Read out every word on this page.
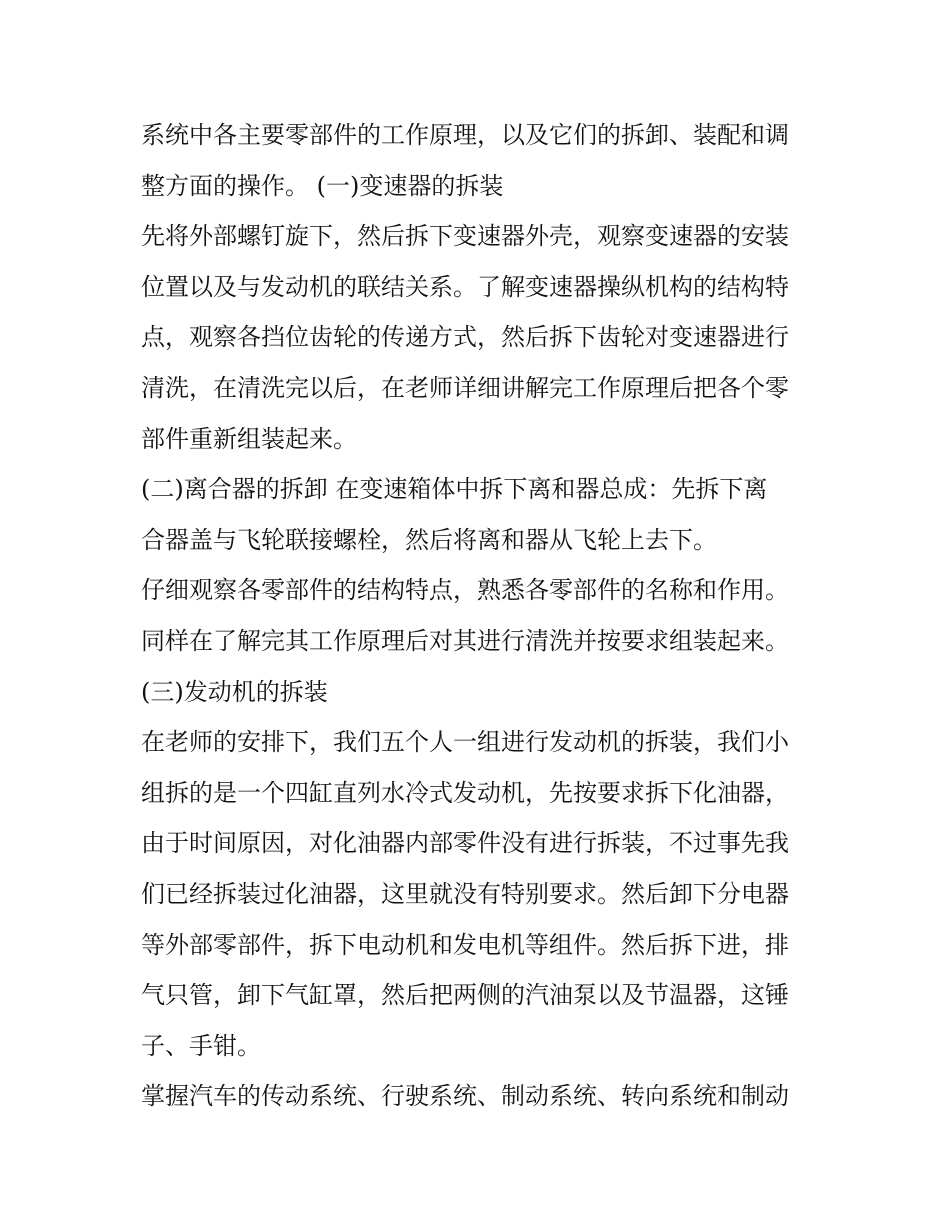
系统中各主要零部件的工作原理，以及它们的拆卸、装配和调
整方面的操作。 (一)变速器的拆装
先将外部螺钉旋下，然后拆下变速器外壳，观察变速器的安装
位置以及与发动机的联结关系。了解变速器操纵机构的结构特
点，观察各挡位齿轮的传递方式，然后拆下齿轮对变速器进行
清洗，在清洗完以后，在老师详细讲解完工作原理后把各个零
部件重新组装起来。
(二)离合器的拆卸 在变速箱体中拆下离和器总成：先拆下离
合器盖与飞轮联接螺栓，然后将离和器从飞轮上去下。
仔细观察各零部件的结构特点，熟悉各零部件的名称和作用。
同样在了解完其工作原理后对其进行清洗并按要求组装起来。
(三)发动机的拆装
在老师的安排下，我们五个人一组进行发动机的拆装，我们小
组拆的是一个四缸直列水冷式发动机，先按要求拆下化油器，
由于时间原因，对化油器内部零件没有进行拆装，不过事先我
们已经拆装过化油器，这里就没有特别要求。然后卸下分电器
等外部零部件，拆下电动机和发电机等组件。然后拆下进，排
气只管，卸下气缸罩，然后把两侧的汽油泵以及节温器，这锤
子、手钳。
掌握汽车的传动系统、行驶系统、制动系统、转向系统和制动
